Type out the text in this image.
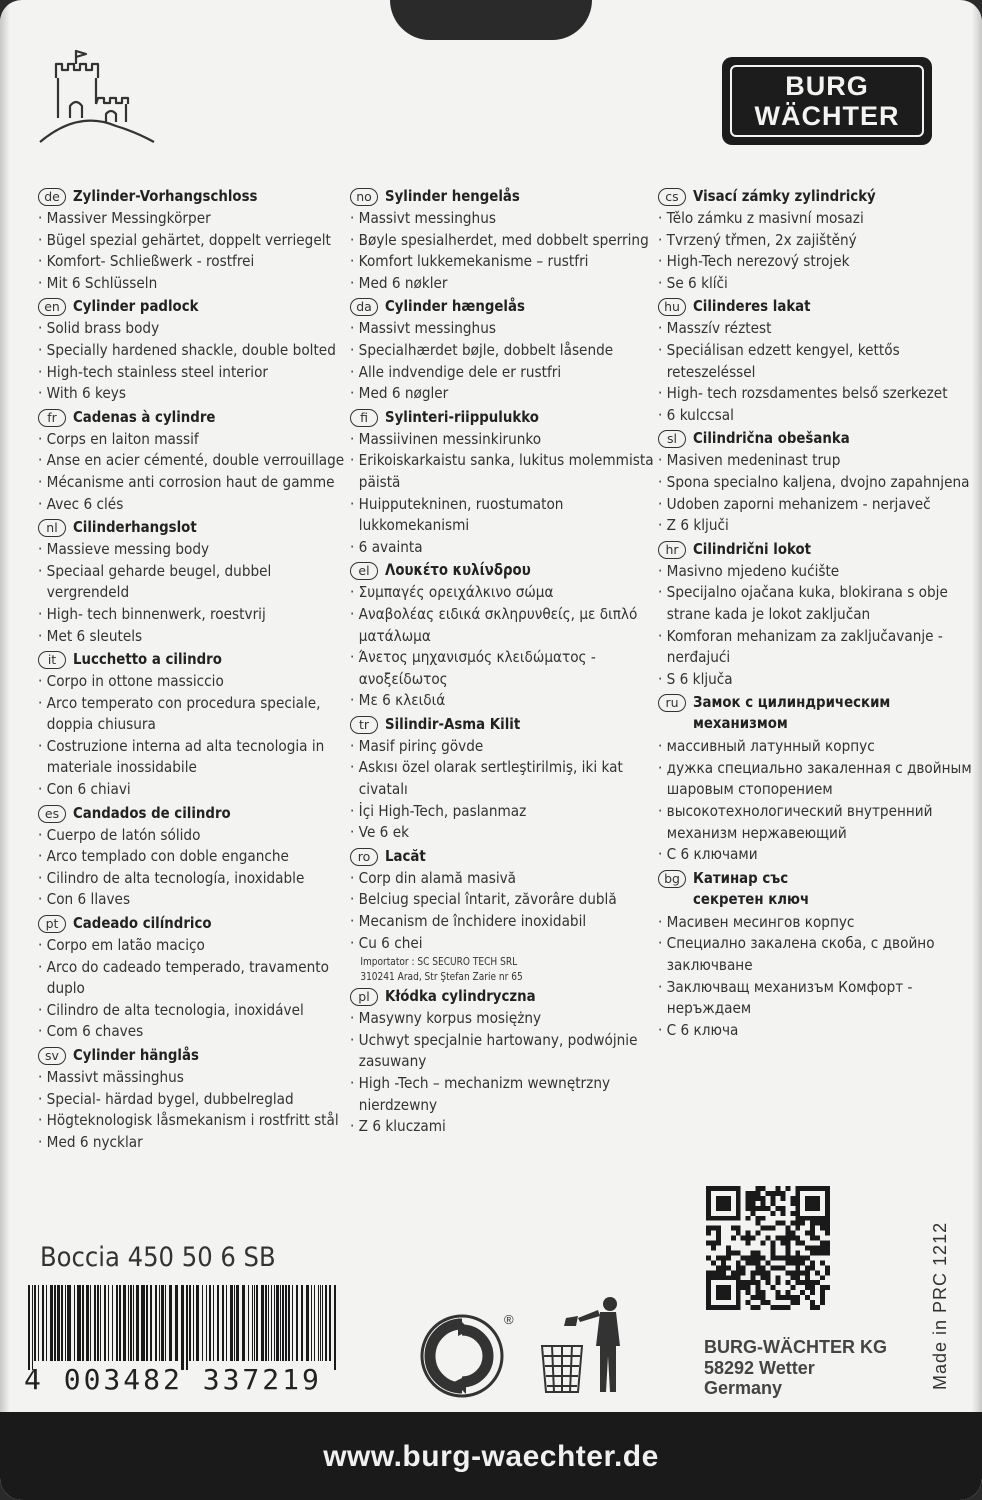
BURG
WÄCHTER
de Zylinder-Vorhangschloss
· Massiver Messingkörper
· Bügel spezial gehärtet, doppelt verriegelt
· Komfort- Schließwerk - rostfrei
· Mit 6 Schlüsseln
en Cylinder padlock
· Solid brass body
· Specially hardened shackle, double bolted
· High-tech stainless steel interior
· With 6 keys
fr	Cadenas à cylindre
· Corps en laiton massif
· Anse en acier cémenté, double verrouillage
· Mécanisme anti corrosion haut de gamme
· Avec 6 clés
nl Cilinderhangslot
· Massieve messing body
· Speciaal geharde beugel, dubbel vergrendeld
· High- tech binnenwerk, roestvrij
· Met 6 sleutels
it	Lucchetto a cilindro
· Corpo in ottone massiccio
· Arco temperato con procedura speciale, doppia chiusura
· Costruzione interna ad alta tecnologia in materiale inossidabile
· Con 6 chiavi
es Candados de cilindro
· Cuerpo de latón sólido
· Arco templado con doble enganche
· Cilindro de alta tecnología, inoxidable
· Con 6 llaves
pt Cadeado cilíndrico
· Corpo em latão maciço
· Arco do cadeado temperado, travamento duplo
· Cilindro de alta tecnologia, inoxidável
· Com 6 chaves
sv Cylinder hänglås
· Massivt mässinghus
· Special- härdad bygel, dubbelreglad
· Högteknologisk låsmekanism i rostfritt stål
· Med 6 nycklar
no Sylinder hengelås
· Massivt messinghus
· Bøyle spesialherdet, med dobbelt sperring
· Komfort lukkemekanisme – rustfri
· Med 6 nøkler
da Cylinder hængelås
· Massivt messinghus
· Specialhærdet bøjle, dobbelt låsende
· Alle indvendige dele er rustfri
· Med 6 nøgler
fi	Sylinteri-riippulukko
· Massiivinen messinkirunko
· Erikoiskarkaistu sanka, lukitus molemmista päistä
· Huipputekninen, ruostumaton lukkomekanismi
· 6 avainta
el Λουκέτο κυλίνδρου
· Συμπαγές ορειχάλκινο σώμα
· Αναβολέας ειδικά σκληρυνθείς, με διπλό ματάλωμα
· Άνετος μηχανισμός κλειδώματος - ανοξείδωτος
· Με 6 κλειδιά
tr	Silindir-Asma Kilit
· Masif pirinç gövde
· Askısı özel olarak sertleştirilmiş, iki kat civatalı
· İçi High-Tech, paslanmaz
· Ve 6 ek
ro Lacăt
· Corp din alamă masivă
· Belciug special întarit, zăvorâre dublă
· Mecanism de închidere inoxidabil
· Cu 6 chei
Importator : SC SECURO TECH SRL
310241 Arad, Str Ştefan Zarie nr 65
pl Kłódka cylindryczna
· Masywny korpus mosiężny
· Uchwyt specjalnie hartowany, podwójnie zasuwany
· High -Tech – mechanizm wewnętrzny nierdzewny
· Z 6 kluczami
cs Visací zámky zylindrický
· Tělo zámku z masivní mosazi
· Tvrzený třmen, 2x zajištěný
· High-Tech nerezový strojek
· Se 6 klíči
hu Cilinderes lakat
· Masszív réztest
· Speciálisan edzett kengyel, kettős reteszeléssel
· High- tech rozsdamentes belső szerkezet
· 6 kulccsal
sl	Cilindrična obešanka
· Masiven medeninast trup
· Spona specialno kaljena, dvojno zapahnjena
· Udoben zaporni mehanizem - nerjaveč
· Z 6 ključi
hr Cilindrični lokot
· Masivno mjedeno kućište
· Specijalno ojačana kuka, blokirana s obje strane kada je lokot zaključan
· Komforan mehanizam za zaključavanje - nerđajući
· S 6 ključa
ru Замок с цилиндрическим механизмом
· массивный латунный корпус
· дужка специально закаленная с двойным шаровым стопорением
· высокотехнологический внутренний механизм нержавеющий
· С 6 ключами
bg Катинар със секретен ключ
· Масивен месингов корпус
· Специално закалена скоба, с двойно заключване
· Заключващ механизъм Комфорт - неръждаем
· С 6 ключа
Boccia 450 50 6 SB
4 003482 337219
®	Made in PRC 1212
BURG-WÄCHTER KG
58292 Wetter
Germany
www.burg-waechter.de
